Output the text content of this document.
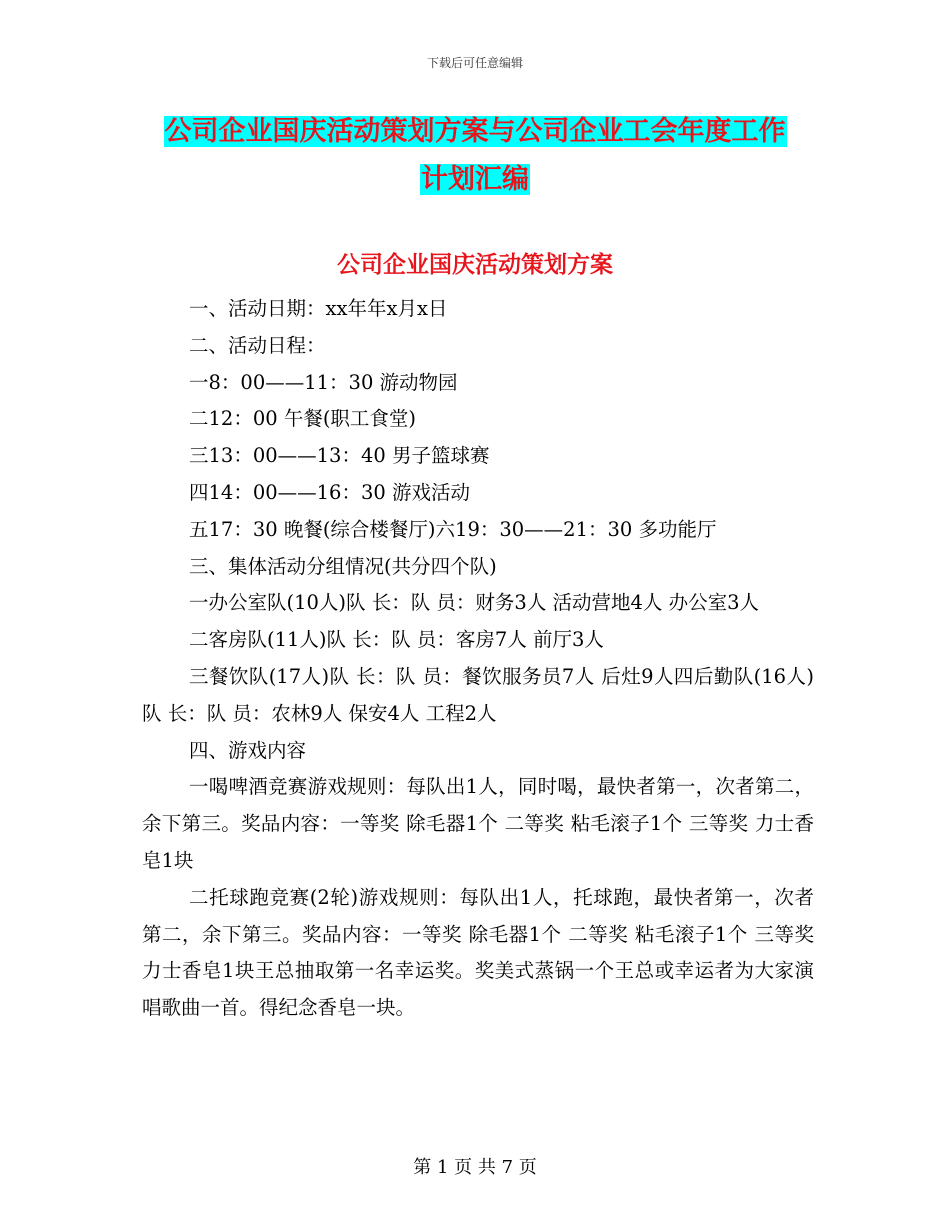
下载后可任意编辑
公司企业国庆活动策划方案与公司企业工会年度工作
计划汇编
公司企业国庆活动策划方案

一、活动日期：xx年年x月x日

二、活动日程：

一8：00——11：30 游动物园

二12：00 午餐(职工食堂)

三13：00——13：40 男子篮球赛

四14：00——16：30 游戏活动

五17：30 晚餐(综合楼餐厅)六19：30——21：30 多功能厅

三、集体活动分组情况(共分四个队)

一办公室队(10人)队 长：队 员：财务3人 活动营地4人 办公室3人

二客房队(11人)队 长：队 员：客房7人 前厅3人

三餐饮队(17人)队 长：队 员：餐饮服务员7人 后灶9人四后勤队(16人)队 长：队 员：农林9人 保安4人 工程2人

四、游戏内容

一喝啤酒竞赛游戏规则：每队出1人，同时喝，最快者第一，次者第二，余下第三。奖品内容：一等奖 除毛器1个 二等奖 粘毛滚子1个 三等奖 力士香皂1块

二托球跑竞赛(2轮)游戏规则：每队出1人，托球跑，最快者第一，次者第二，余下第三。奖品内容：一等奖 除毛器1个 二等奖 粘毛滚子1个 三等奖 力士香皂1块王总抽取第一名幸运奖。奖美式蒸锅一个王总或幸运者为大家演唱歌曲一首。得纪念香皂一块。

第 1 页 共 7 页
